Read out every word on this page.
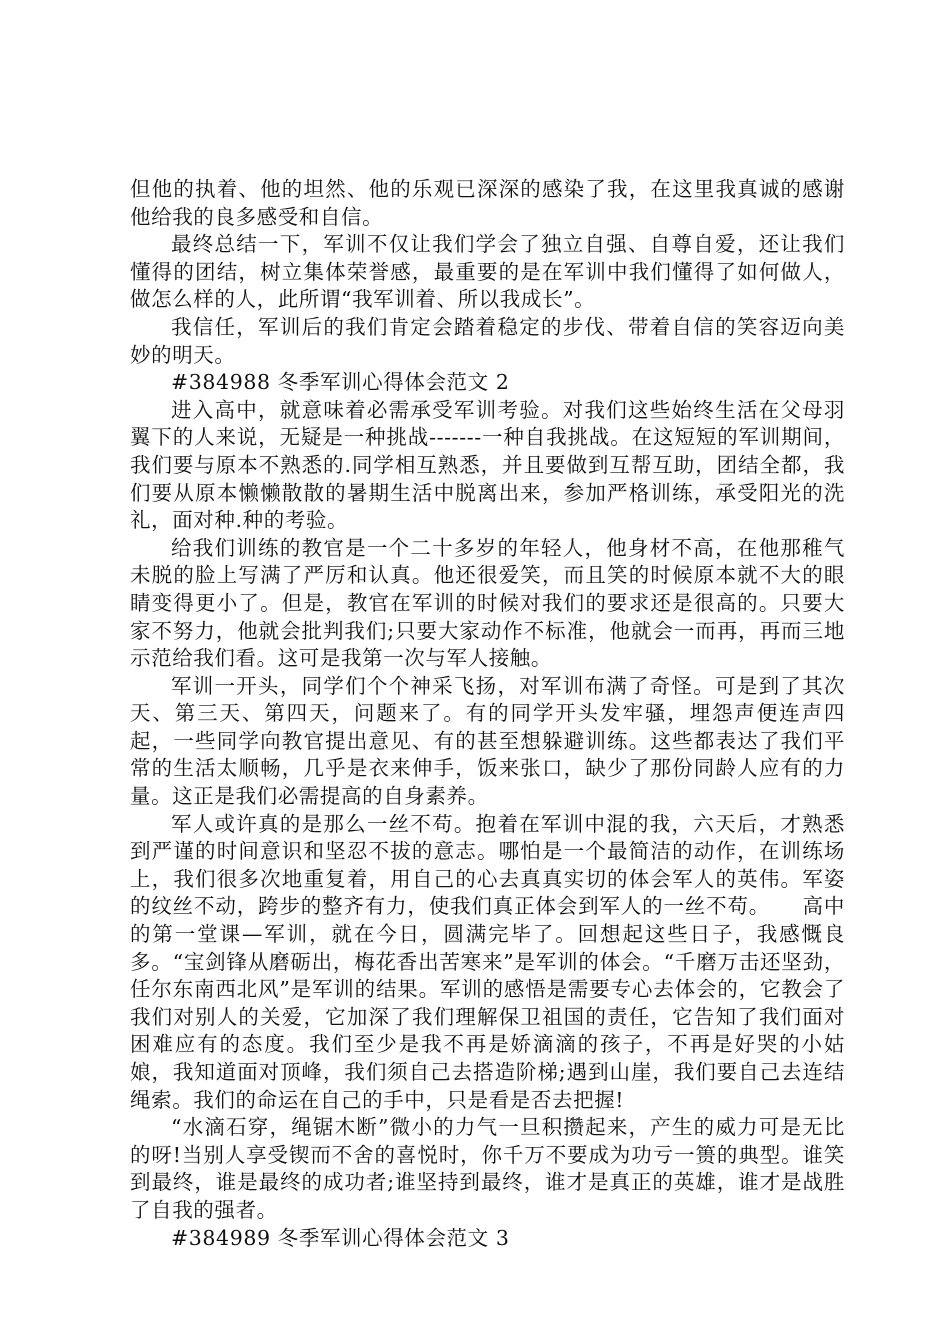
但他的执着、他的坦然、他的乐观已深深的感染了我，在这里我真诚的感谢他给我的良多感受和自信。

最终总结一下，军训不仅让我们学会了独立自强、自尊自爱，还让我们懂得的团结，树立集体荣誉感，最重要的是在军训中我们懂得了如何做人，做怎么样的人，此所谓“我军训着、所以我成长”。

我信任，军训后的我们肯定会踏着稳定的步伐、带着自信的笑容迈向美妙的明天。

#384988 冬季军训心得体会范文 2

进入高中，就意味着必需承受军训考验。对我们这些始终生活在父母羽翼下的人来说，无疑是一种挑战-------一种自我挑战。在这短短的军训期间，我们要与原本不熟悉的.同学相互熟悉，并且要做到互帮互助，团结全都，我们要从原本懒懒散散的暑期生活中脱离出来，参加严格训练，承受阳光的洗礼，面对种.种的考验。

给我们训练的教官是一个二十多岁的年轻人，他身材不高，在他那稚气未脱的脸上写满了严厉和认真。他还很爱笑，而且笑的时候原本就不大的眼睛变得更小了。但是，教官在军训的时候对我们的要求还是很高的。只要大家不努力，他就会批判我们;只要大家动作不标准，他就会一而再，再而三地示范给我们看。这可是我第一次与军人接触。

军训一开头，同学们个个神采飞扬，对军训布满了奇怪。可是到了其次天、第三天、第四天，问题来了。有的同学开头发牢骚，埋怨声便连声四起，一些同学向教官提出意见、有的甚至想躲避训练。这些都表达了我们平常的生活太顺畅，几乎是衣来伸手，饭来张口，缺少了那份同龄人应有的力量。这正是我们必需提高的自身素养。

军人或许真的是那么一丝不苟。抱着在军训中混的我，六天后，才熟悉到严谨的时间意识和坚忍不拔的意志。哪怕是一个最简洁的动作，在训练场上，我们很多次地重复着，用自己的心去真真实切的体会军人的英伟。军姿的纹丝不动，跨步的整齐有力，使我们真正体会到军人的一丝不苟。　　高中的第一堂课—军训，就在今日，圆满完毕了。回想起这些日子，我感慨良多。“宝剑锋从磨砺出，梅花香出苦寒来”是军训的体会。“千磨万击还坚劲，任尔东南西北风”是军训的结果。军训的感悟是需要专心去体会的，它教会了我们对别人的关爱，它加深了我们理解保卫祖国的责任，它告知了我们面对困难应有的态度。我们至少是我不再是娇滴滴的孩子，不再是好哭的小姑娘，我知道面对顶峰，我们须自己去搭造阶梯;遇到山崖，我们要自己去连结绳索。我们的命运在自己的手中，只是看是否去把握!

“水滴石穿，绳锯木断”微小的力气一旦积攒起来，产生的威力可是无比的呀!当别人享受锲而不舍的喜悦时，你千万不要成为功亏一篑的典型。谁笑到最终，谁是最终的成功者;谁坚持到最终，谁才是真正的英雄，谁才是战胜了自我的强者。

#384989 冬季军训心得体会范文 3
